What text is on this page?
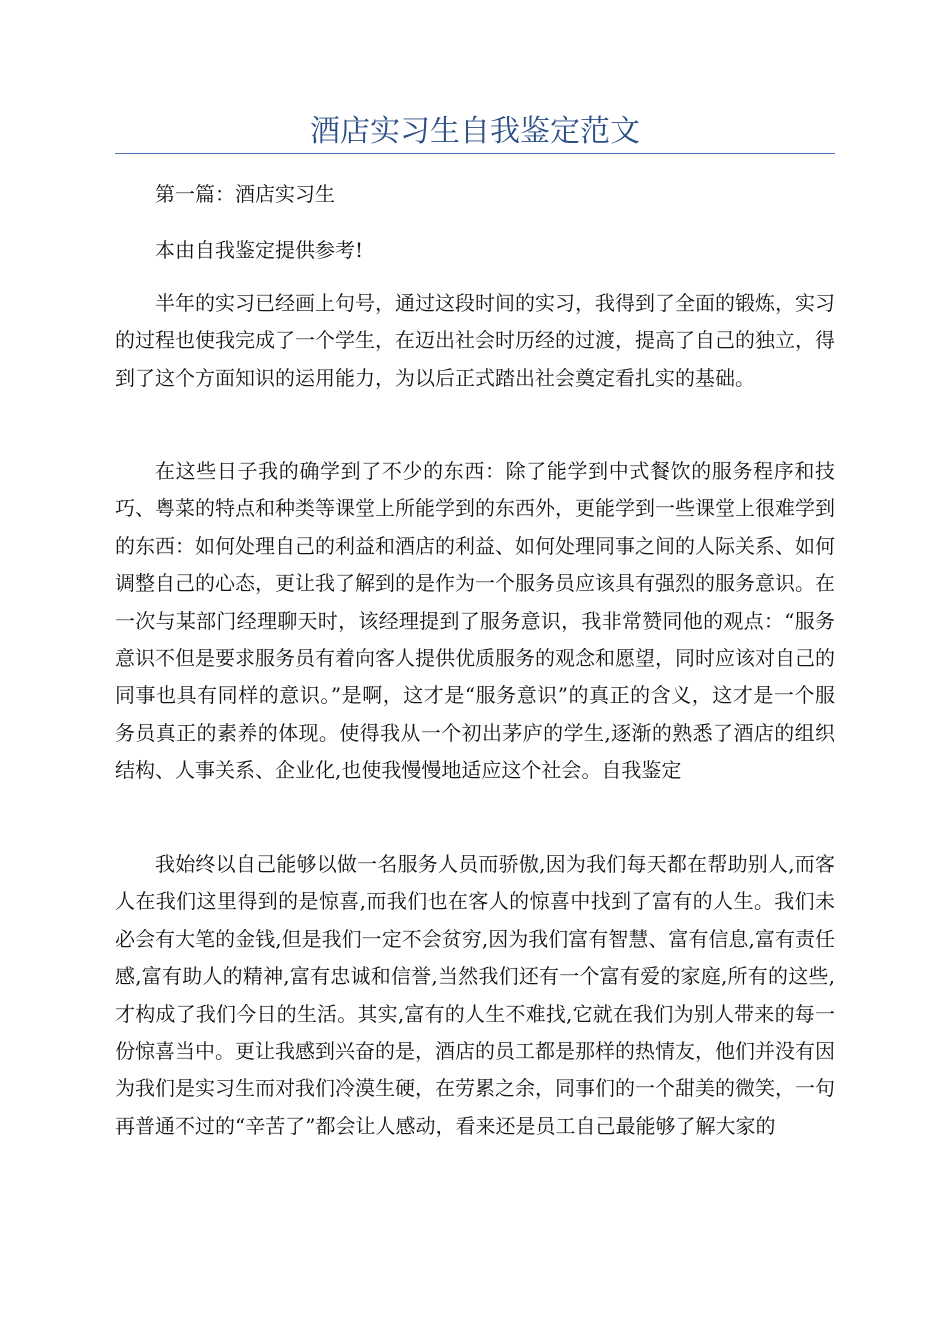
酒店实习生自我鉴定范文

第一篇：酒店实习生

本由自我鉴定提供参考!

半年的实习已经画上句号，通过这段时间的实习，我得到了全面的锻炼，实习的过程也使我完成了一个学生，在迈出社会时历经的过渡，提高了自己的独立，得到了这个方面知识的运用能力，为以后正式踏出社会奠定看扎实的基础。

在这些日子我的确学到了不少的东西：除了能学到中式餐饮的服务程序和技巧、粤菜的特点和种类等课堂上所能学到的东西外，更能学到一些课堂上很难学到的东西：如何处理自己的利益和酒店的利益、如何处理同事之间的人际关系、如何调整自己的心态，更让我了解到的是作为一个服务员应该具有强烈的服务意识。在一次与某部门经理聊天时，该经理提到了服务意识，我非常赞同他的观点：“服务意识不但是要求服务员有着向客人提供优质服务的观念和愿望，同时应该对自己的同事也具有同样的意识。”是啊，这才是“服务意识”的真正的含义，这才是一个服务员真正的素养的体现。使得我从一个初出茅庐的学生,逐渐的熟悉了酒店的组织结构、人事关系、企业化,也使我慢慢地适应这个社会。自我鉴定

我始终以自己能够以做一名服务人员而骄傲,因为我们每天都在帮助别人,而客人在我们这里得到的是惊喜,而我们也在客人的惊喜中找到了富有的人生。我们未必会有大笔的金钱,但是我们一定不会贫穷,因为我们富有智慧、富有信息,富有责任感,富有助人的精神,富有忠诚和信誉,当然我们还有一个富有爱的家庭,所有的这些,才构成了我们今日的生活。其实,富有的人生不难找,它就在我们为别人带来的每一份惊喜当中。更让我感到兴奋的是，酒店的员工都是那样的热情友，他们并没有因为我们是实习生而对我们冷漠生硬，在劳累之余，同事们的一个甜美的微笑，一句再普通不过的“辛苦了”都会让人感动，看来还是员工自己最能够了解大家的
